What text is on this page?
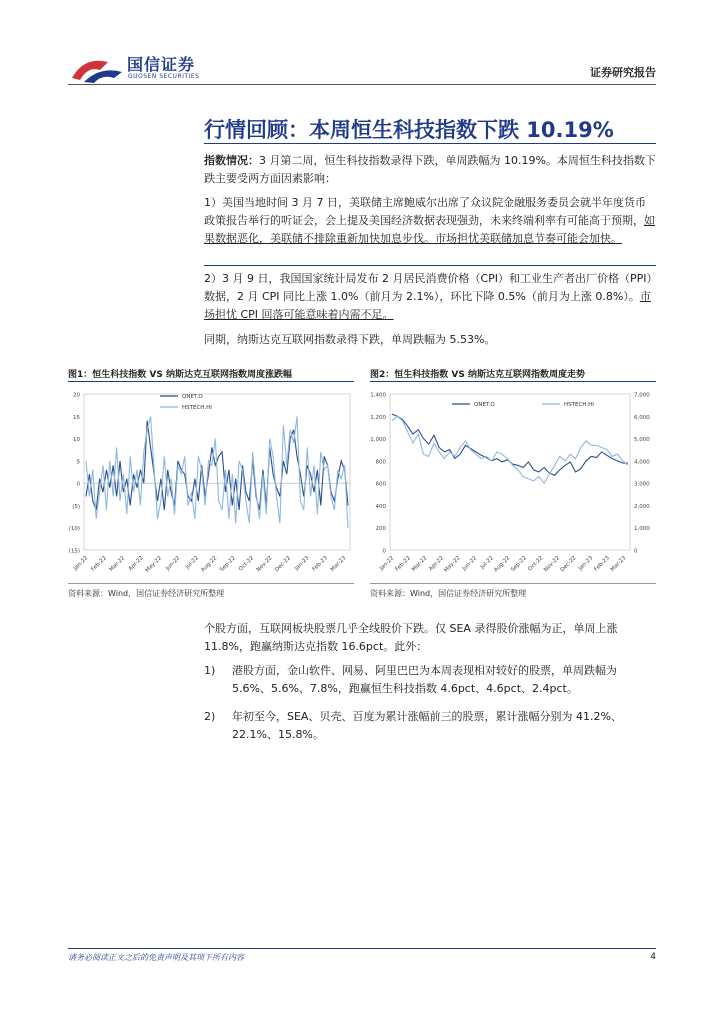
国信证券
GUOSEN SECURITIES	证券研究报告
行情回顾：本周恒生科技指数下跌 10.19%

指数情况：3 月第二周，恒生科技指数录得下跌，单周跌幅为 10.19%。本周恒生科技指数下跌主要受两方面因素影响：

1）美国当地时间 3 月 7 日，美联储主席鲍威尔出席了众议院金融服务委员会就半年度货币政策报告举行的听证会，会上提及美国经济数据表现强劲，未来终端利率有可能高于预期，如果数据恶化，美联储不排除重新加快加息步伐。市场担忧美联储加息节奏可能会加快。

2）3 月 9 日，我国国家统计局发布 2 月居民消费价格（CPI）和工业生产者出厂价格（PPI）数据，2 月 CPI 同比上涨 1.0%（前月为 2.1%），环比下降 0.5%（前月为上涨 0.8%）。市场担忧 CPI 回落可能意味着内需不足。

同期，纳斯达克互联网指数录得下跌，单周跌幅为 5.53%。

图1：恒生科技指数 VS 纳斯达克互联网指数周度涨跌幅
20
15
10
5
0
(5)
(10)
(15)
Jan-22 Feb-22 Mar-22 Apr-22 May-22 Jun-22 Jul-22 Aug-22 Sep-22 Oct-22 Nov-22 Dec-22 Jan-23 Feb-23 Mar-23
QNET.O
HSTECH.HI
资料来源：Wind，国信证券经济研究所整理
图2：恒生科技指数 VS 纳斯达克互联网指数周度走势
1,400
1,200
1,000
800
600
400
200
0
7,000
6,000
5,000
4,000
3,000
2,000
1,000
0
Jan-22 Feb-22
Mar-22 Apr-22
May-22 Jun-22 Jul-22
Aug-22
Sep-22 Oct-22
Nov-22
Dec-22 Jan-23 Feb-23
Mar-23
QNET.O	HSTECH.HI
资料来源：Wind，国信证券经济研究所整理

个股方面，互联网板块股票几乎全线股价下跌。仅 SEA 录得股价涨幅为正，单周上涨 11.8%，跑赢纳斯达克指数 16.6pct。此外：

1) 港股方面，金山软件、网易、阿里巴巴为本周表现相对较好的股票，单周跌幅为 5.6%、5.6%、7.8%，跑赢恒生科技指数 4.6pct、4.6pct、2.4pct。

2) 年初至今，SEA、贝壳、百度为累计涨幅前三的股票，累计涨幅分别为 41.2%、22.1%、15.8%。

请务必阅读正文之后的免责声明及其项下所有内容	4
